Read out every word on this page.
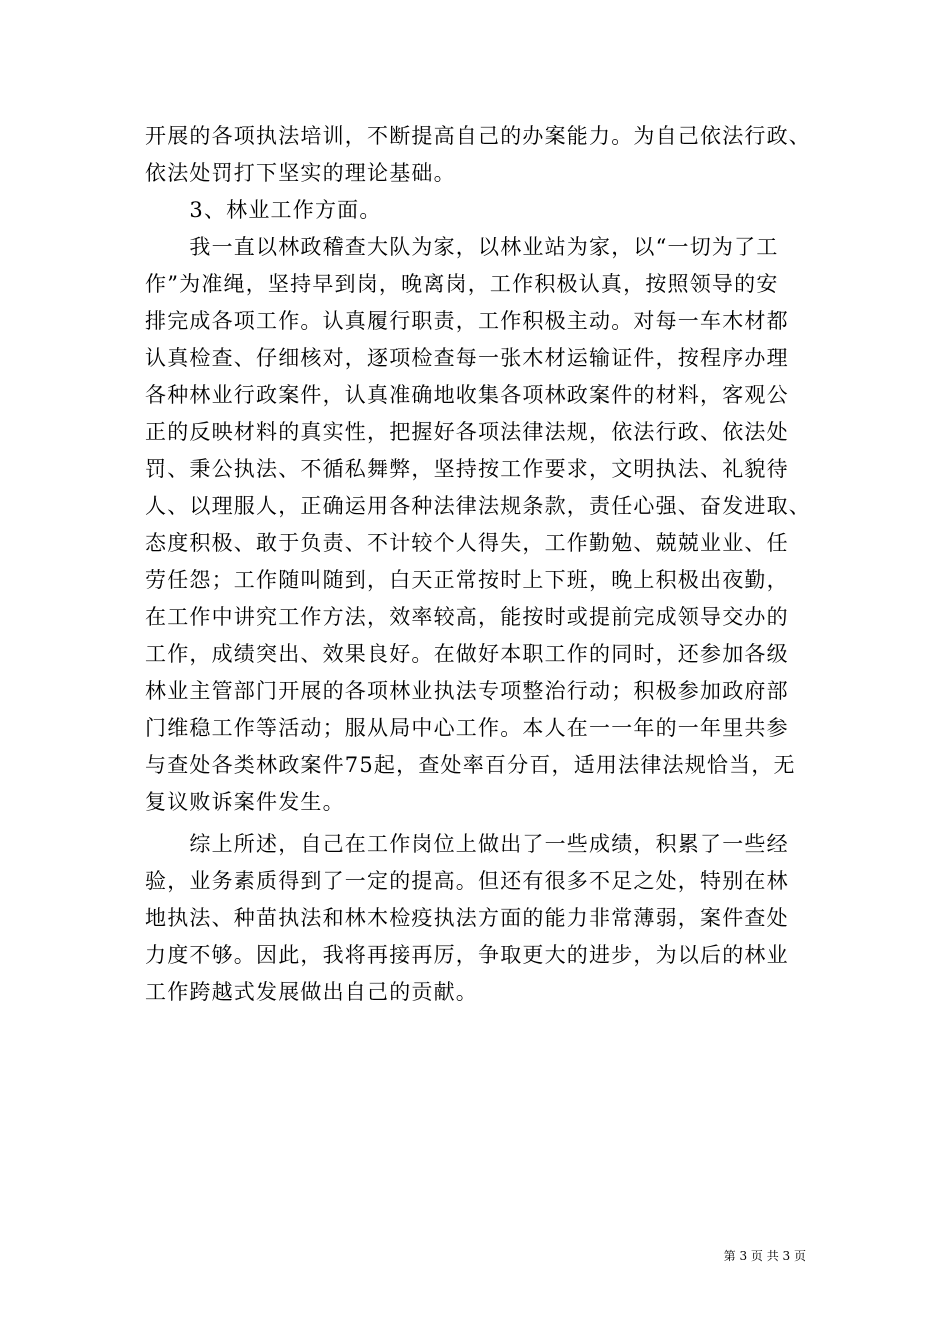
开展的各项执法培训，不断提高自己的办案能力。为自己依法行政、
依法处罚打下坚实的理论基础。
　　3、林业工作方面。
　　我一直以林政稽查大队为家，以林业站为家，以“一切为了工
作”为准绳，坚持早到岗，晚离岗，工作积极认真，按照领导的安
排完成各项工作。认真履行职责，工作积极主动。对每一车木材都
认真检查、仔细核对，逐项检查每一张木材运输证件，按程序办理
各种林业行政案件，认真准确地收集各项林政案件的材料，客观公
正的反映材料的真实性，把握好各项法律法规，依法行政、依法处
罚、秉公执法、不循私舞弊，坚持按工作要求，文明执法、礼貌待
人、以理服人，正确运用各种法律法规条款，责任心强、奋发进取、
态度积极、敢于负责、不计较个人得失，工作勤勉、兢兢业业、任
劳任怨；工作随叫随到，白天正常按时上下班，晚上积极出夜勤，
在工作中讲究工作方法，效率较高，能按时或提前完成领导交办的
工作，成绩突出、效果良好。在做好本职工作的同时，还参加各级
林业主管部门开展的各项林业执法专项整治行动；积极参加政府部
门维稳工作等活动；服从局中心工作。本人在一一年的一年里共参
与查处各类林政案件75起，查处率百分百，适用法律法规恰当，无
复议败诉案件发生。
　　综上所述，自己在工作岗位上做出了一些成绩，积累了一些经
验，业务素质得到了一定的提高。但还有很多不足之处，特别在林
地执法、种苗执法和林木检疫执法方面的能力非常薄弱，案件查处
力度不够。因此，我将再接再厉，争取更大的进步，为以后的林业
工作跨越式发展做出自己的贡献。
第 3 页 共 3 页
